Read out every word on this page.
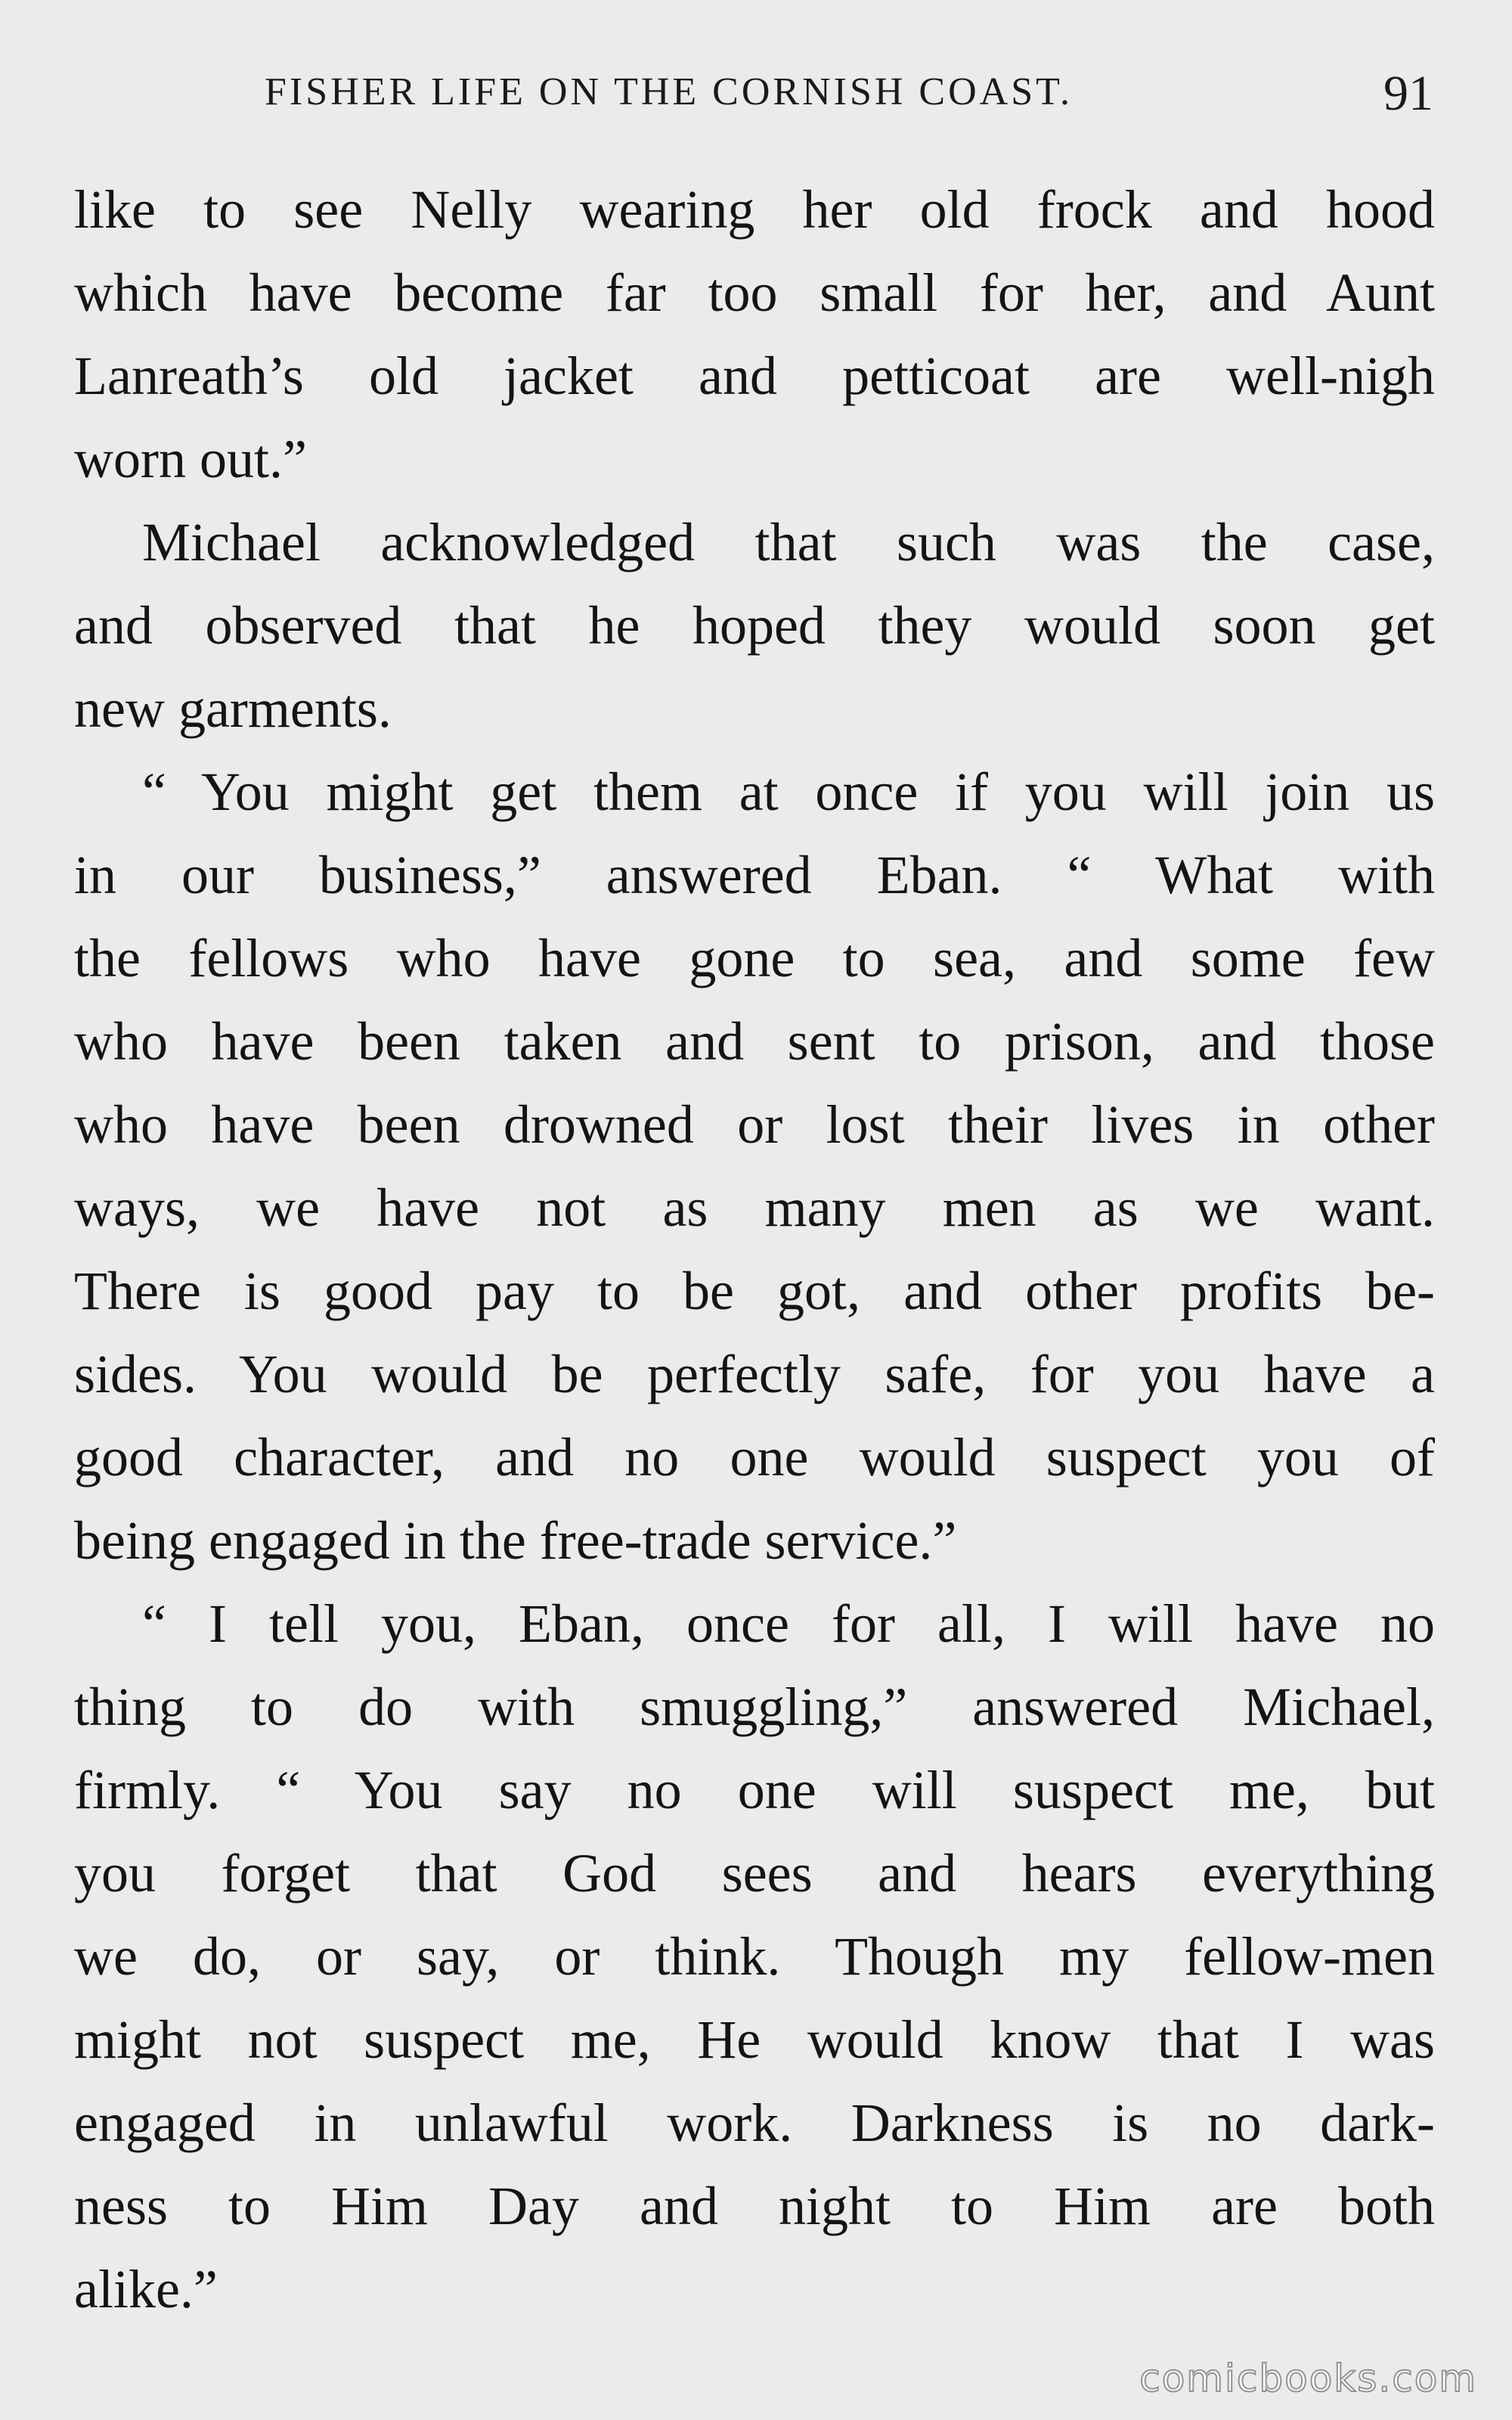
FISHER LIFE ON THE CORNISH COAST.	91
like to see Nelly wearing her old frock and hood
which have become far too small for her, and Aunt
Lanreath’s old jacket and petticoat are well-nigh
worn out.”
Michael acknowledged that such was the case,
and observed that he hoped they would soon get
new garments.
“ You might get them at once if you will join us
in our business,” answered Eban. “ What with
the fellows who have gone to sea, and some few
who have been taken and sent to prison, and those
who have been drowned or lost their lives in other
ways, we have not as many men as we want.
There is good pay to be got, and other profits be-
sides. You would be perfectly safe, for you have a
good character, and no one would suspect you of
being engaged in the free-trade service.”
“ I tell you, Eban, once for all, I will have no
thing to do with smuggling,” answered Michael,
firmly. “ You say no one will suspect me, but
you forget that God sees and hears everything
we do, or say, or think. Though my fellow-men
might not suspect me, He would know that I was
engaged in unlawful work. Darkness is no dark-
ness to Him Day and night to Him are both
alike.”
comicbooks.com
